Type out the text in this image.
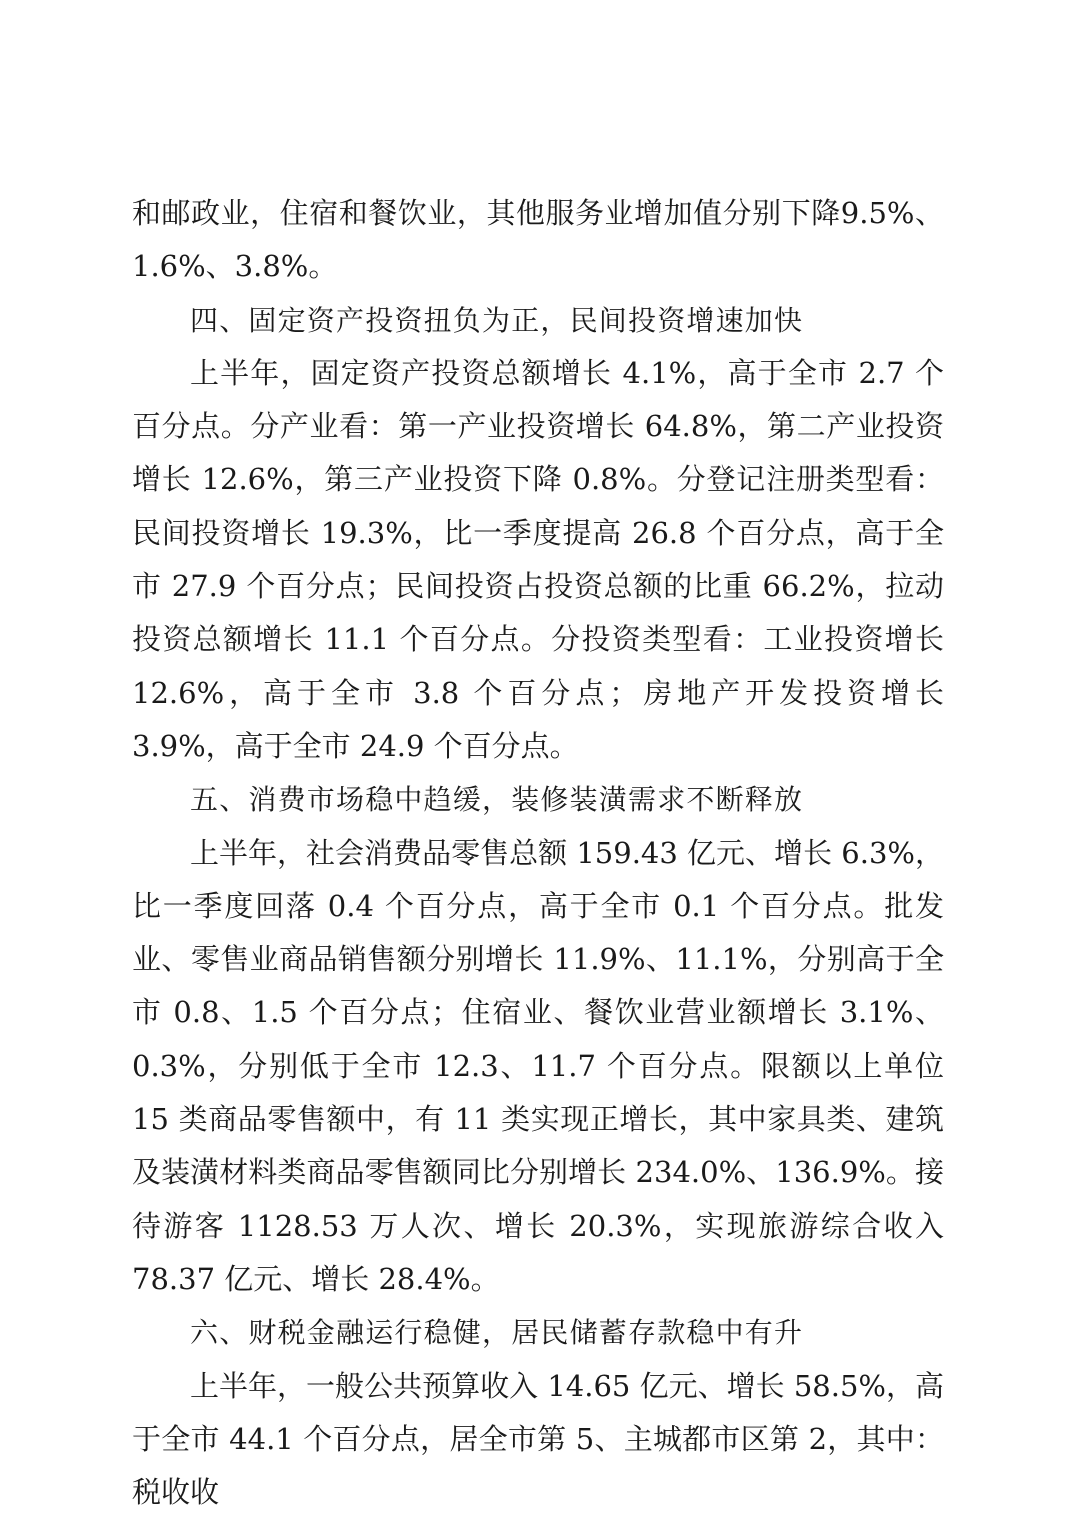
和邮政业，住宿和餐饮业，其他服务业增加值分别下降9.5%、1.6%、3.8%。

四、固定资产投资扭负为正，民间投资增速加快

上半年，固定资产投资总额增长 4.1%，高于全市 2.7 个百分点。分产业看：第一产业投资增长 64.8%，第二产业投资增长 12.6%，第三产业投资下降 0.8%。分登记注册类型看：民间投资增长 19.3%，比一季度提高 26.8 个百分点，高于全市 27.9 个百分点；民间投资占投资总额的比重 66.2%，拉动投资总额增长 11.1 个百分点。分投资类型看：工业投资增长 12.6%，高于全市 3.8 个百分点；房地产开发投资增长 3.9%，高于全市 24.9 个百分点。

五、消费市场稳中趋缓，装修装潢需求不断释放

上半年，社会消费品零售总额 159.43 亿元、增长 6.3%，比一季度回落 0.4 个百分点，高于全市 0.1 个百分点。批发业、零售业商品销售额分别增长 11.9%、11.1%，分别高于全市 0.8、1.5 个百分点；住宿业、餐饮业营业额增长 3.1%、0.3%，分别低于全市 12.3、11.7 个百分点。限额以上单位 15 类商品零售额中，有 11 类实现正增长，其中家具类、建筑及装潢材料类商品零售额同比分别增长 234.0%、136.9%。接待游客 1128.53 万人次、增长 20.3%，实现旅游综合收入 78.37 亿元、增长 28.4%。

六、财税金融运行稳健，居民储蓄存款稳中有升

上半年，一般公共预算收入 14.65 亿元、增长 58.5%，高于全市 44.1 个百分点，居全市第 5、主城都市区第 2，其中：税收收
